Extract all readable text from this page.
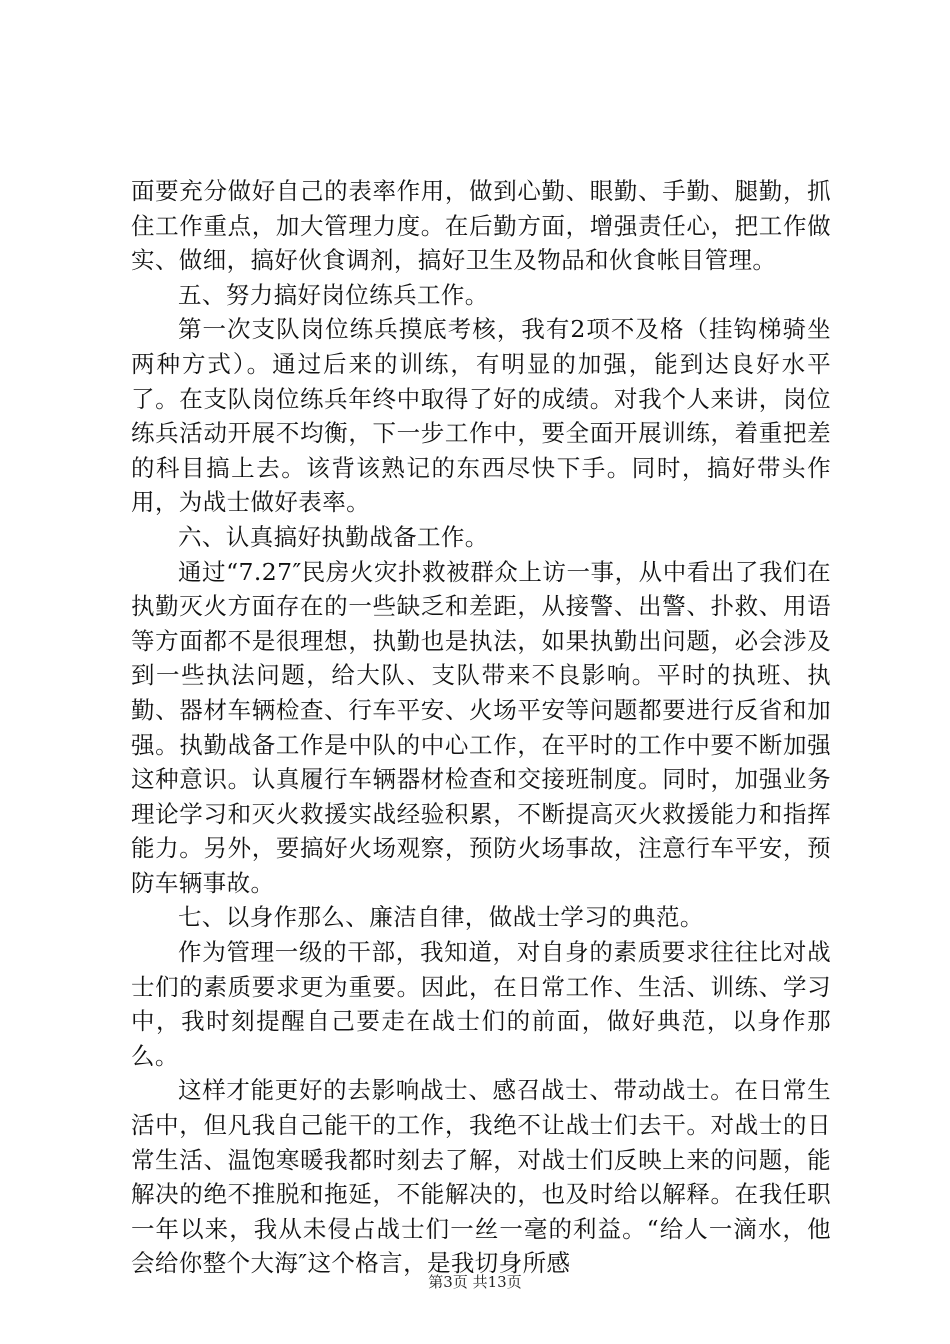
面要充分做好自己的表率作用，做到心勤、眼勤、手勤、腿勤，抓住工作重点，加大管理力度。在后勤方面，增强责任心，把工作做实、做细，搞好伙食调剂，搞好卫生及物品和伙食帐目管理。

五、努力搞好岗位练兵工作。

第一次支队岗位练兵摸底考核，我有2项不及格（挂钩梯骑坐两种方式）。通过后来的训练，有明显的加强，能到达良好水平了。在支队岗位练兵年终中取得了好的成绩。对我个人来讲，岗位练兵活动开展不均衡，下一步工作中，要全面开展训练，着重把差的科目搞上去。该背该熟记的东西尽快下手。同时，搞好带头作用，为战士做好表率。

六、认真搞好执勤战备工作。

通过“7.27″民房火灾扑救被群众上访一事，从中看出了我们在执勤灭火方面存在的一些缺乏和差距，从接警、出警、扑救、用语等方面都不是很理想，执勤也是执法，如果执勤出问题，必会涉及到一些执法问题，给大队、支队带来不良影响。平时的执班、执勤、器材车辆检查、行车平安、火场平安等问题都要进行反省和加强。执勤战备工作是中队的中心工作，在平时的工作中要不断加强这种意识。认真履行车辆器材检查和交接班制度。同时，加强业务理论学习和灭火救援实战经验积累，不断提高灭火救援能力和指挥能力。另外，要搞好火场观察，预防火场事故，注意行车平安，预防车辆事故。

七、以身作那么、廉洁自律，做战士学习的典范。

作为管理一级的干部，我知道，对自身的素质要求往往比对战士们的素质要求更为重要。因此，在日常工作、生活、训练、学习中，我时刻提醒自己要走在战士们的前面，做好典范，以身作那么。

这样才能更好的去影响战士、感召战士、带动战士。在日常生活中，但凡我自己能干的工作，我绝不让战士们去干。对战士的日常生活、温饱寒暖我都时刻去了解，对战士们反映上来的问题，能解决的绝不推脱和拖延，不能解决的，也及时给以解释。在我任职一年以来，我从未侵占战士们一丝一毫的利益。“给人一滴水，他会给你整个大海″这个格言，是我切身所感

第3页 共13页
